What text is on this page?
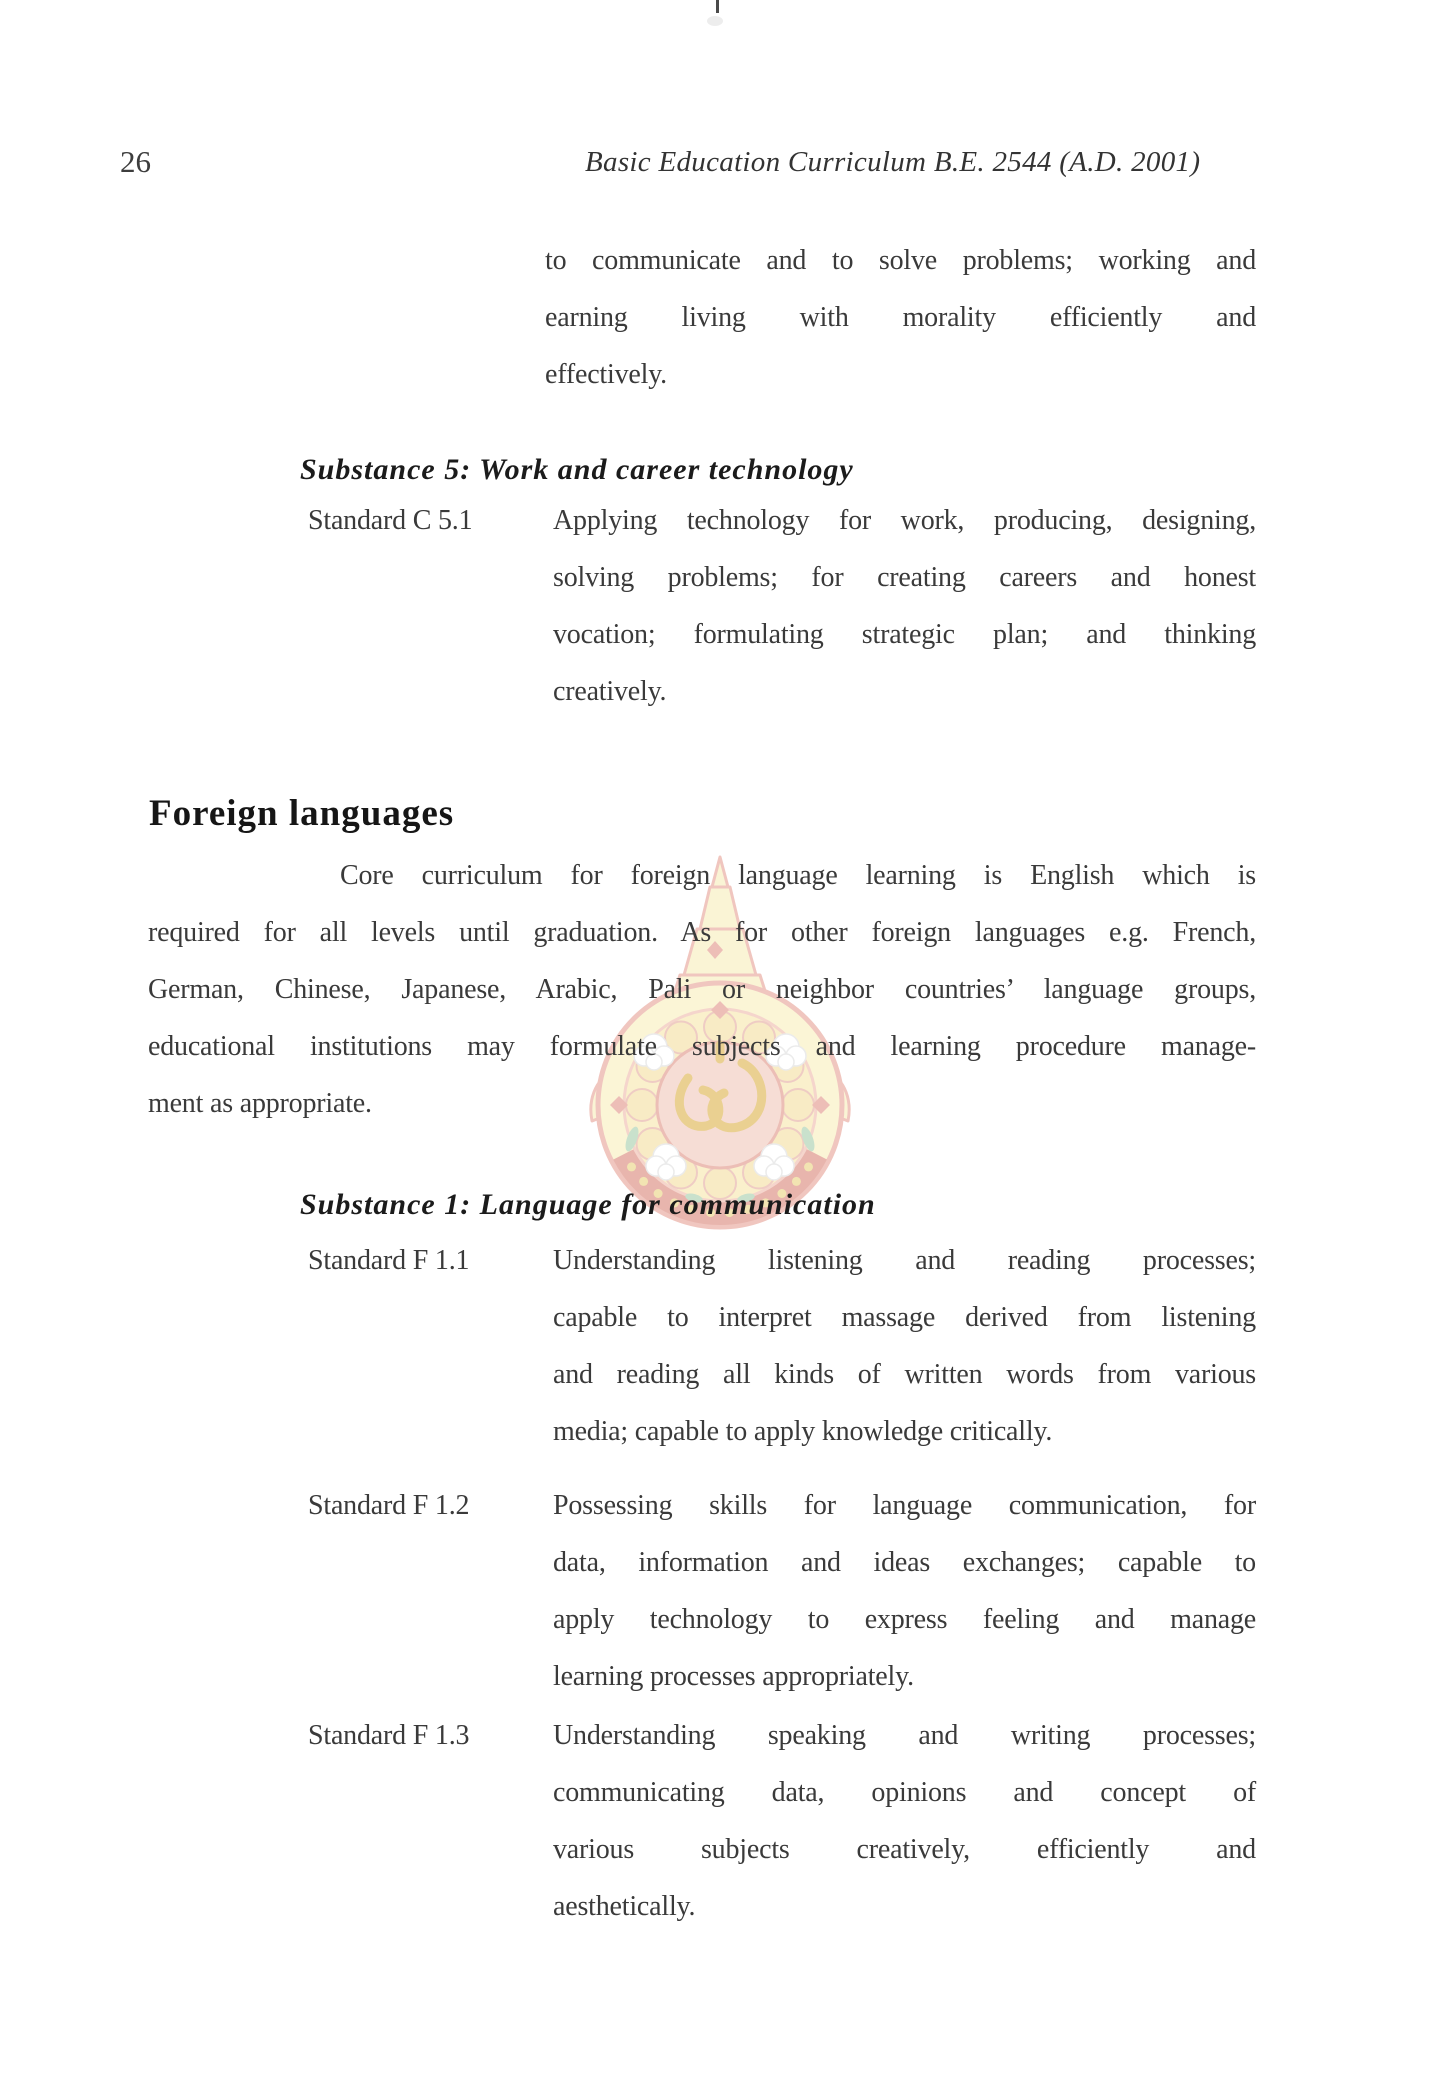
26	Basic Education Curriculum B.E. 2544 (A.D. 2001)
to communicate and to solve problems; working and
earning living with morality efficiently and
effectively.
Substance 5: Work and career technology
Standard C 5.1	Applying technology for work, producing, designing,
solving problems; for creating careers and honest
vocation; formulating strategic plan; and thinking
creatively.
Foreign languages
Core curriculum for foreign language learning is English which is
required for all levels until graduation. As for other foreign languages e.g. French,
German, Chinese, Japanese, Arabic, Pali or neighbor countries’ language groups,
educational institutions may formulate subjects and learning procedure manage-
ment as appropriate.
Substance 1: Language for communication
Standard F 1.1	Understanding listening and reading processes;
capable to interpret massage derived from listening
and reading all kinds of written words from various
media; capable to apply knowledge critically.
Standard F 1.2	Possessing skills for language communication, for
data, information and ideas exchanges; capable to
apply technology to express feeling and manage
learning processes appropriately.
Standard F 1.3	Understanding speaking and writing processes;
communicating data, opinions and concept of
various subjects creatively, efficiently and
aesthetically.
